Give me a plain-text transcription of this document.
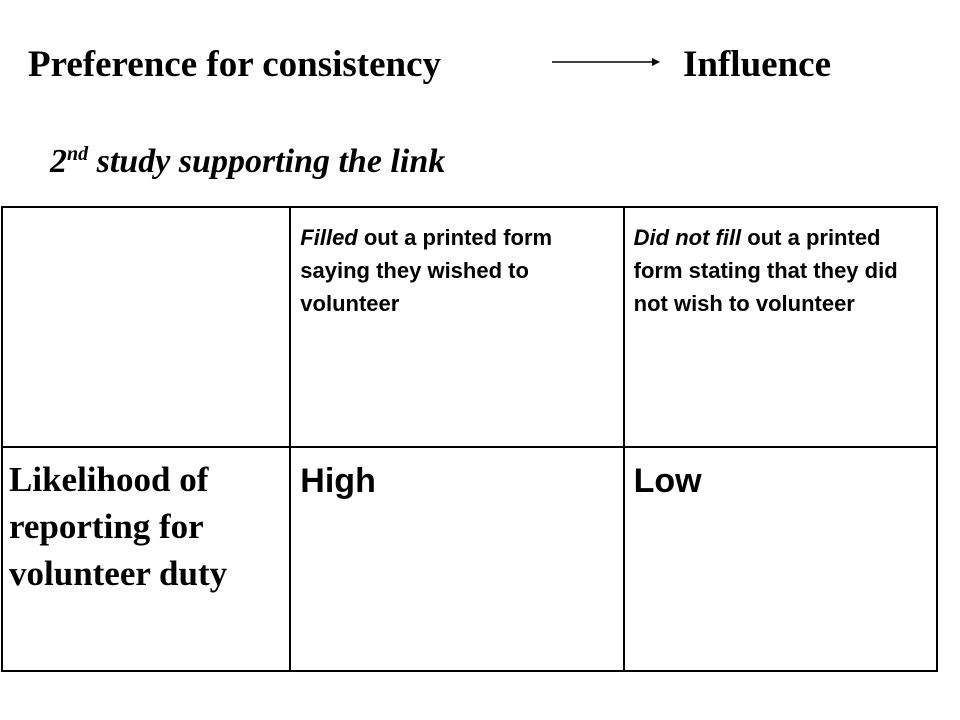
Preference for consistency	Influence
2nd study supporting the link

	Filled out a printed form saying they wished to volunteer	Did not fill out a printed form stating that they did not wish to volunteer

Likelihood of reporting for volunteer duty	High	Low
